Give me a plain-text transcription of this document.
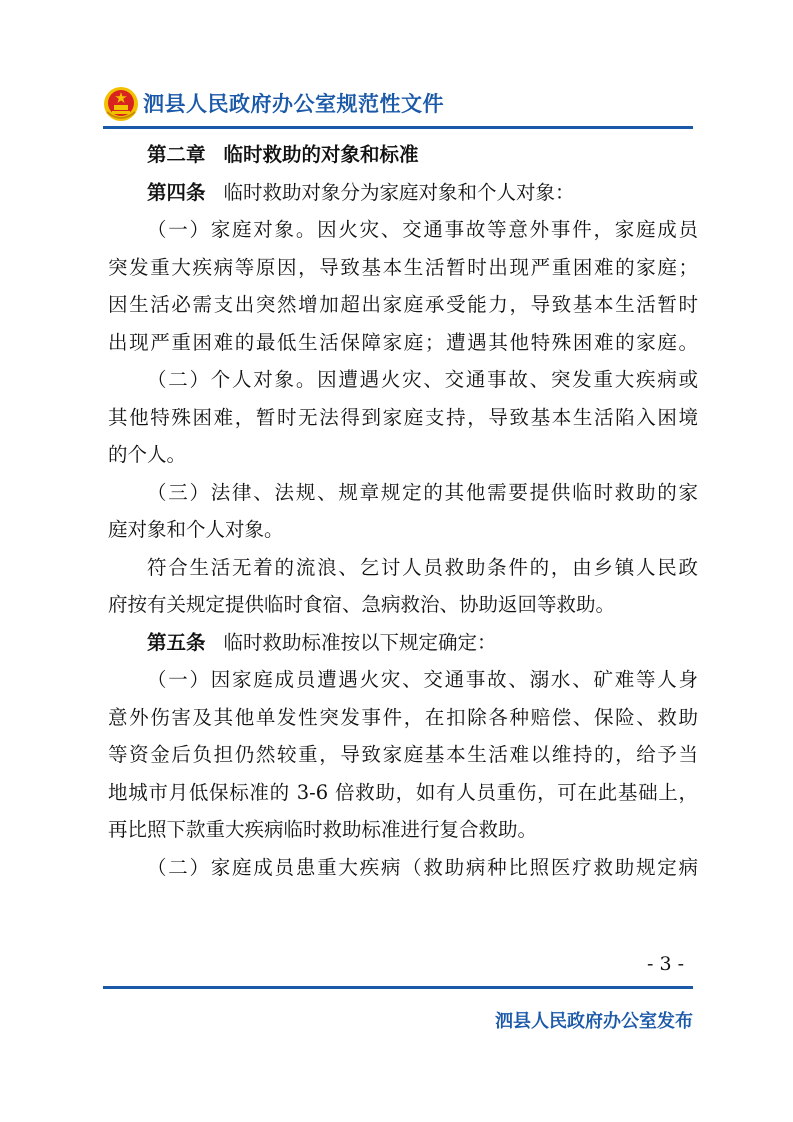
泗县人民政府办公室规范性文件
第二章 临时救助的对象和标准
第四条 临时救助对象分为家庭对象和个人对象：
（一）家庭对象。因火灾、交通事故等意外事件，家庭成员
突发重大疾病等原因，导致基本生活暂时出现严重困难的家庭；
因生活必需支出突然增加超出家庭承受能力，导致基本生活暂时
出现严重困难的最低生活保障家庭；遭遇其他特殊困难的家庭。
（二）个人对象。因遭遇火灾、交通事故、突发重大疾病或
其他特殊困难，暂时无法得到家庭支持，导致基本生活陷入困境
的个人。
（三）法律、法规、规章规定的其他需要提供临时救助的家
庭对象和个人对象。
符合生活无着的流浪、乞讨人员救助条件的，由乡镇人民政
府按有关规定提供临时食宿、急病救治、协助返回等救助。
第五条 临时救助标准按以下规定确定：
（一）因家庭成员遭遇火灾、交通事故、溺水、矿难等人身
意外伤害及其他单发性突发事件，在扣除各种赔偿、保险、救助
等资金后负担仍然较重，导致家庭基本生活难以维持的，给予当
地城市月低保标准的 3-6 倍救助，如有人员重伤，可在此基础上，
再比照下款重大疾病临时救助标准进行复合救助。
（二）家庭成员患重大疾病（救助病种比照医疗救助规定病
- 3 -
泗县人民政府办公室发布
